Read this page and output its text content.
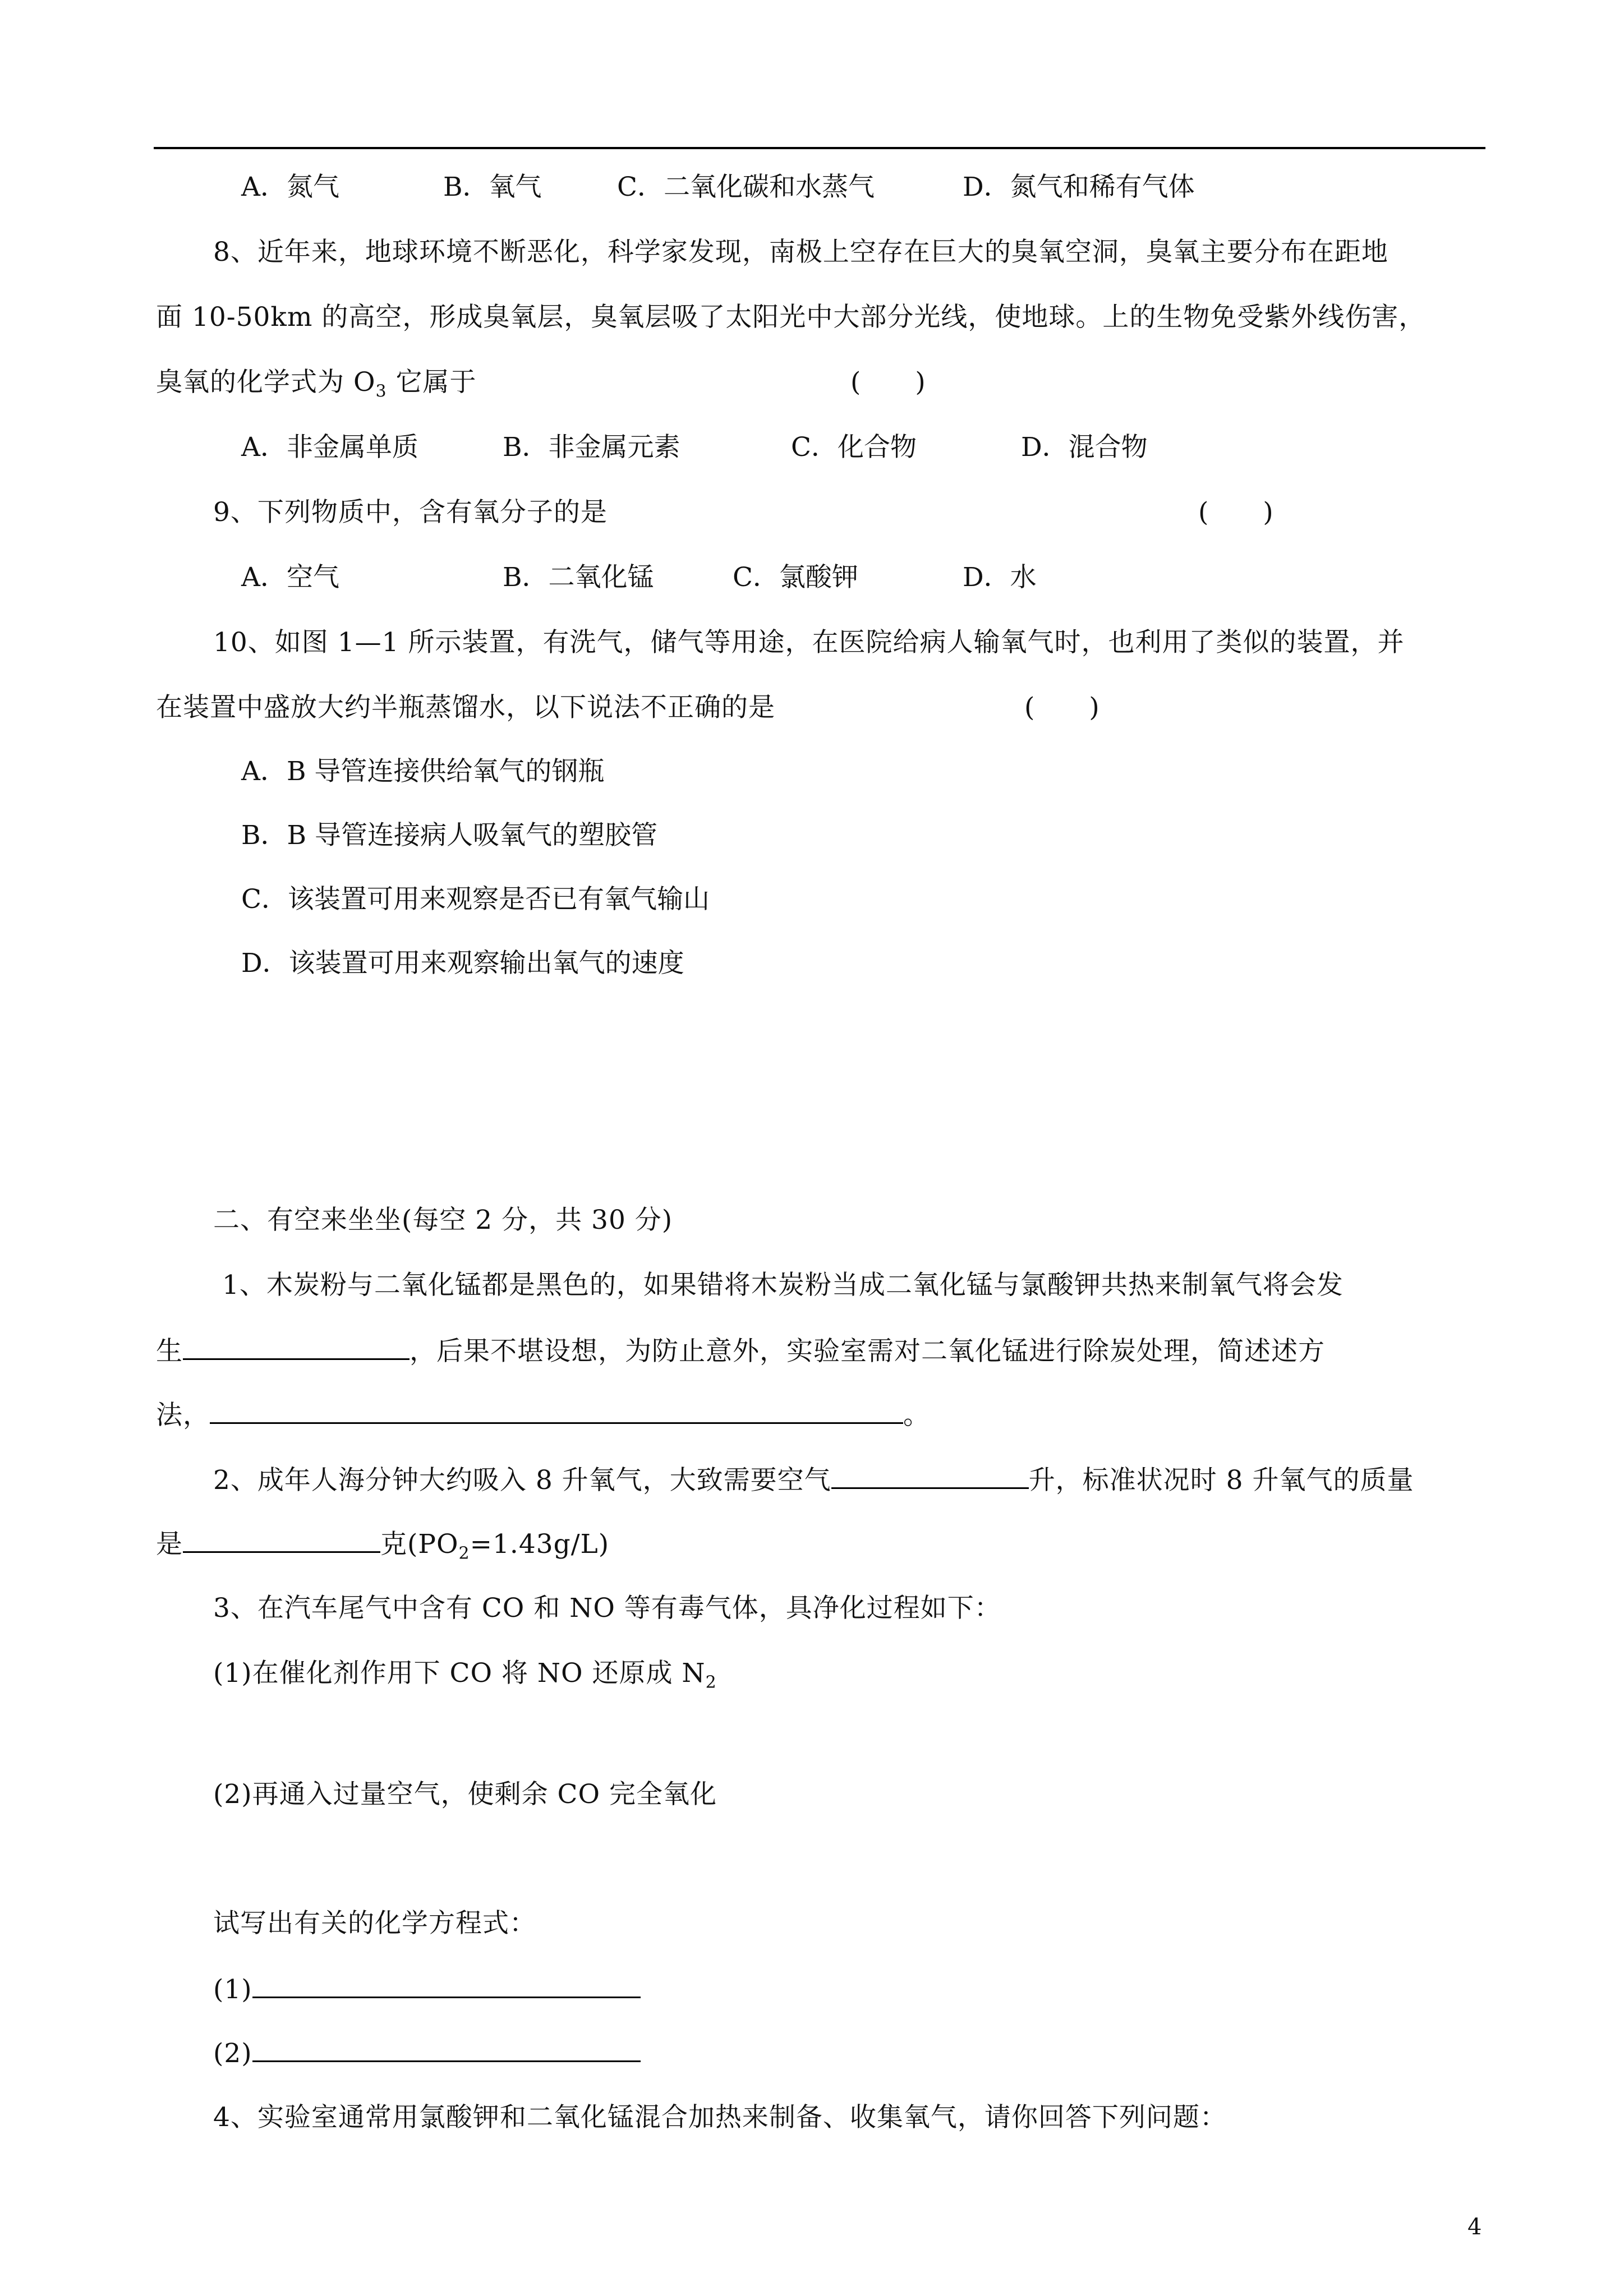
A．氮气	B．氧气	C．二氧化碳和水蒸气	D．氮气和稀有气体
8、近年来，地球环境不断恶化，科学家发现，南极上空存在巨大的臭氧空洞，臭氧主要分布在距地
面 10-50km 的高空，形成臭氧层，臭氧层吸了太阳光中大部分光线，使地球。上的生物免受紫外线伤害，
臭氧的化学式为 $O_3$ 它属于	(　　)
A．非金属单质	B．非金属元素	C．化合物	D．混合物
9、下列物质中，含有氧分子的是	(　　)
A．空气	B．二氧化锰	C．氯酸钾	D．水
10、如图 1—1 所示装置，有洗气，储气等用途，在医院给病人输氧气时，也利用了类似的装置，并
在装置中盛放大约半瓶蒸馏水，以下说法不正确的是	(　　)
A．B 导管连接供给氧气的钢瓶
B．B 导管连接病人吸氧气的塑胶管
C．该装置可用来观察是否已有氧气输山
D．该装置可用来观察输出氧气的速度
二、有空来坐坐(每空 2 分，共 30 分)
1、木炭粉与二氧化锰都是黑色的，如果错将木炭粉当成二氧化锰与氯酸钾共热来制氧气将会发
生	，后果不堪设想，为防止意外，实验室需对二氧化锰进行除炭处理，简述述方
法，	。
2、成年人海分钟大约吸入 8 升氧气，大致需要空气	升，标准状况时 8 升氧气的质量
是	克$(PO_2=1.43g/L)$
3、在汽车尾气中含有 CO 和 NO 等有毒气体，具净化过程如下：
(1)在催化剂作用下 CO 将 NO 还原成 $N_2$
(2)再通入过量空气，使剩余 CO 完全氧化
试写出有关的化学方程式：
(1)
(2)
4、实验室通常用氯酸钾和二氧化锰混合加热来制备、收集氧气，请你回答下列问题：
4
